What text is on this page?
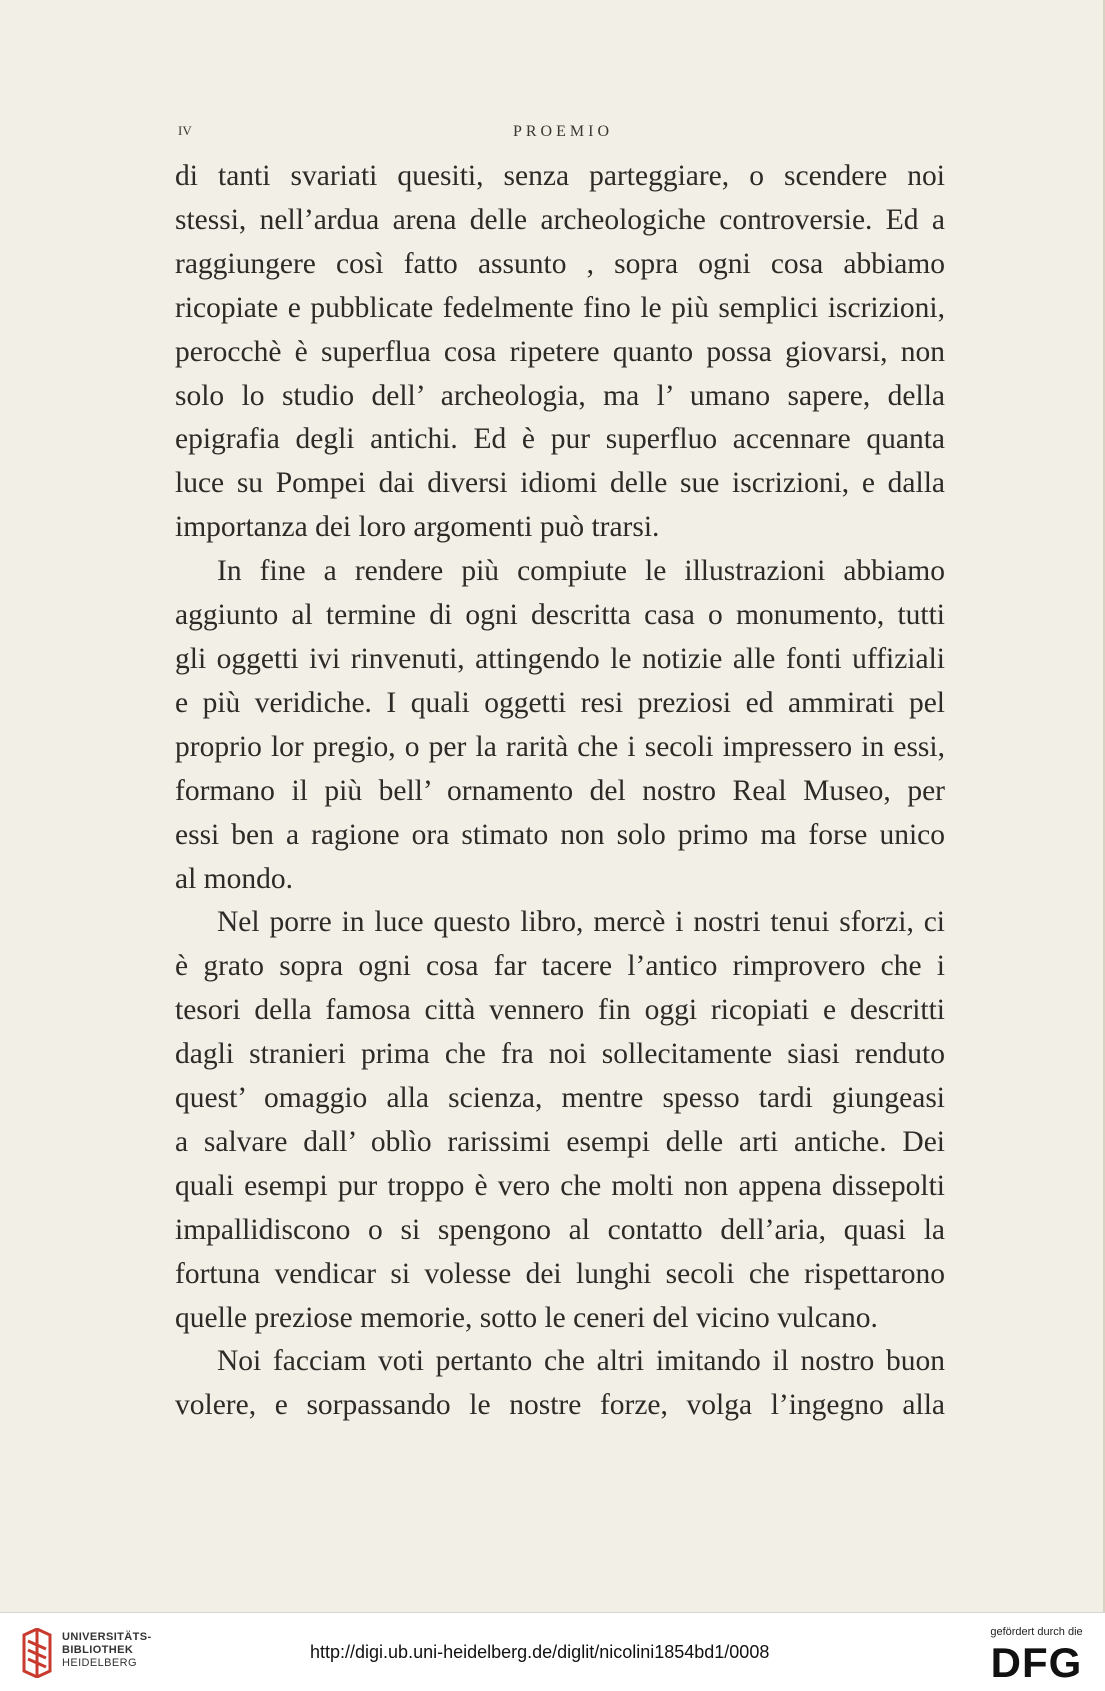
IV	PROEMIO
di tanti svariati quesiti, senza parteggiare, o scendere noi
stessi, nell’ardua arena delle archeologiche controversie. Ed a
raggiungere così fatto assunto , sopra ogni cosa abbiamo
ricopiate e pubblicate fedelmente fino le più semplici iscrizioni,
perocchè è superflua cosa ripetere quanto possa giovarsi, non
solo lo studio dell’ archeologia, ma l’ umano sapere, della
epigrafia degli antichi. Ed è pur superfluo accennare quanta
luce su Pompei dai diversi idiomi delle sue iscrizioni, e dalla
importanza dei loro argomenti può trarsi.
In fine a rendere più compiute le illustrazioni abbiamo
aggiunto al termine di ogni descritta casa o monumento, tutti
gli oggetti ivi rinvenuti, attingendo le notizie alle fonti uffiziali
e più veridiche. I quali oggetti resi preziosi ed ammirati pel
proprio lor pregio, o per la rarità che i secoli impressero in essi,
formano il più bell’ ornamento del nostro Real Museo, per
essi ben a ragione ora stimato non solo primo ma forse unico
al mondo.
Nel porre in luce questo libro, mercè i nostri tenui sforzi, ci
è grato sopra ogni cosa far tacere l’antico rimprovero che i
tesori della famosa città vennero fin oggi ricopiati e descritti
dagli stranieri prima che fra noi sollecitamente siasi renduto
quest’ omaggio alla scienza, mentre spesso tardi giungeasi
a salvare dall’ oblìo rarissimi esempi delle arti antiche. Dei
quali esempi pur troppo è vero che molti non appena dissepolti
impallidiscono o si spengono al contatto dell’aria, quasi la
fortuna vendicar si volesse dei lunghi secoli che rispettarono
quelle preziose memorie, sotto le ceneri del vicino vulcano.
Noi facciam voti pertanto che altri imitando il nostro buon
volere, e sorpassando le nostre forze, volga l’ingegno alla
UNIVERSITÄTS-
BIBLIOTHEK
HEIDELBERG
http://digi.ub.uni-heidelberg.de/diglit/nicolini1854bd1/0008
gefördert durch die
DFG
